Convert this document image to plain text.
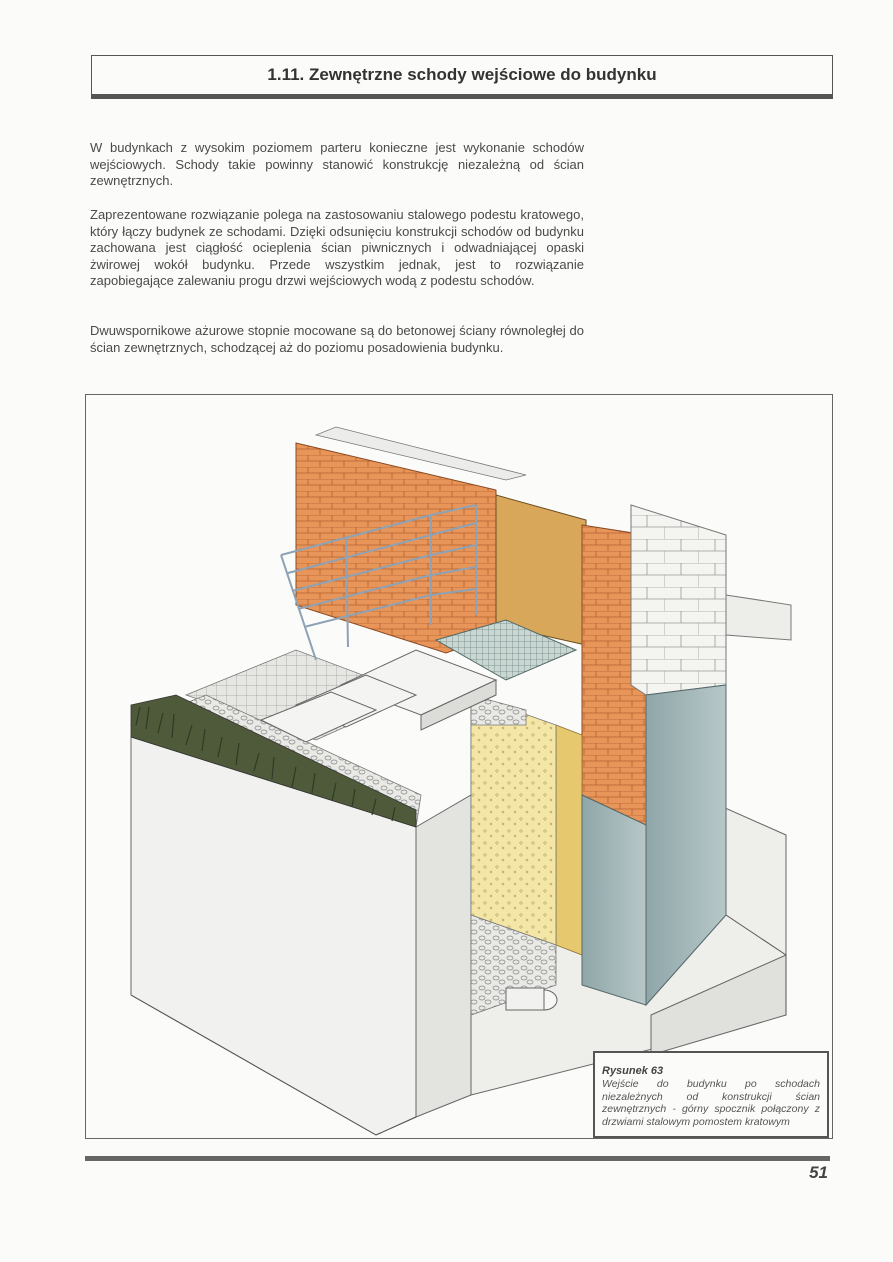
1.11. Zewnętrzne schody wejściowe do budynku

W budynkach z wysokim poziomem parteru konieczne jest wykonanie schodów wejściowych. Schody takie powinny stanowić konstrukcję niezależną od ścian zewnętrznych.

Zaprezentowane rozwiązanie polega na zastosowaniu stalowego podestu kratowego, który łączy budynek ze schodami. Dzięki odsunięciu konstrukcji schodów od budynku zachowana jest ciągłość ocieplenia ścian piwnicznych i odwadniającej opaski żwirowej wokół budynku. Przede wszystkim jednak, jest to rozwiązanie zapobiegające zalewaniu progu drzwi wejściowych wodą z podestu schodów.

Dwuwspornikowe ażurowe stopnie mocowane są do betonowej ściany równoległej do ścian zewnętrznych, schodzącej aż do poziomu posadowienia budynku.

Rysunek 63

Wejście do budynku po schodach niezależnych od konstrukcji ścian zewnętrznych - górny spocznik połączony z drzwiami stalowym pomostem kratowym

51
